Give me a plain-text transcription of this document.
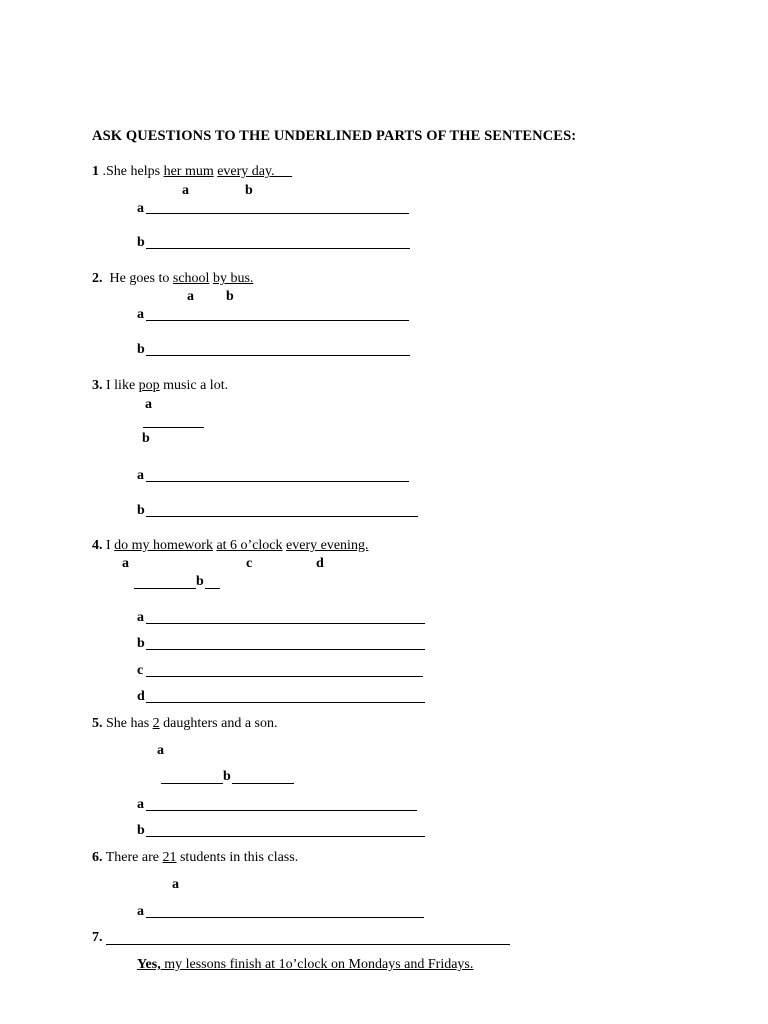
ASK QUESTIONS TO THE UNDERLINED PARTS OF THE SENTENCES:
1 .She helps her mum every day.
a	b
a
b
2.  He goes to school by bus.
a b
a
b
3. I like pop music a lot.
a
b
a
b
4. I do my homework at 6 o’clock every evening.
a	c	d
b
a
b
c
d
5. She has 2 daughters and a son.
a
b
a
b
6. There are 21 students in this class.
a
a
7.
Yes, my lessons finish at 1o’clock on Mondays and Fridays.
